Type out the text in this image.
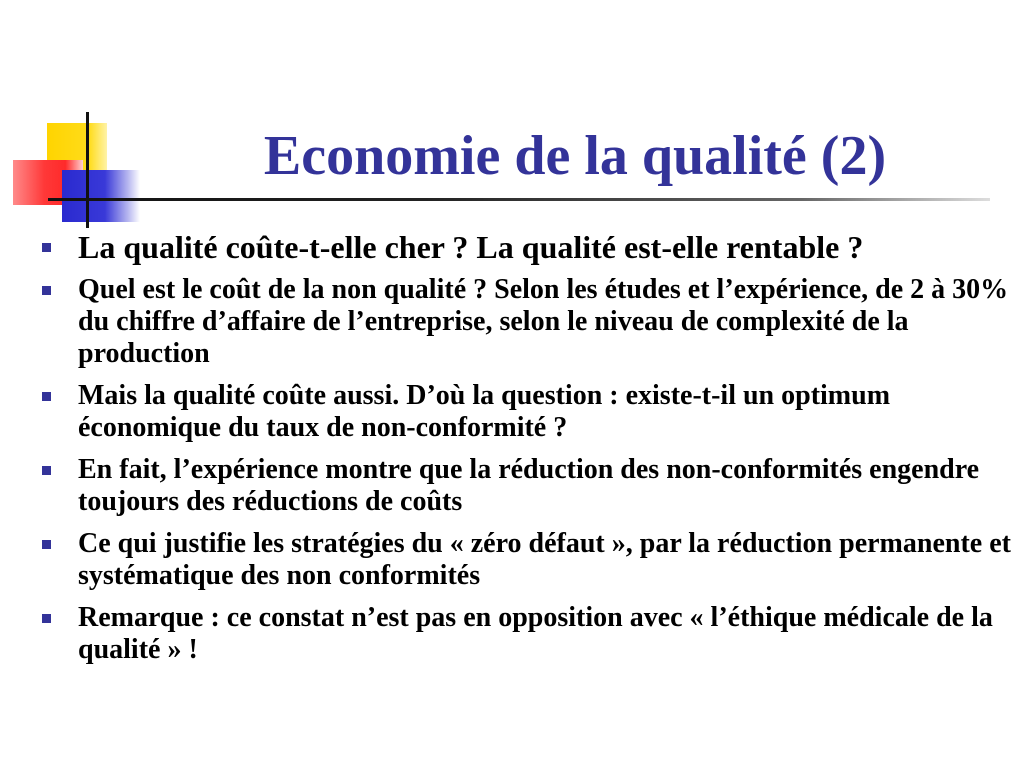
Economie de la qualité (2)
La qualité coûte-t-elle cher ? La qualité est-elle rentable ?
Quel est le coût de la non qualité ? Selon les études et l’expérience, de 2 à 30% du chiffre d’affaire de l’entreprise, selon le niveau de complexité de la production
Mais la qualité coûte aussi. D’où la question : existe-t-il un optimum économique du taux de non-conformité ?
En fait, l’expérience montre que la réduction des non-conformités engendre toujours des réductions de coûts
Ce qui justifie les stratégies du « zéro défaut », par la réduction permanente et systématique des non conformités
Remarque : ce constat n’est pas en opposition avec « l’éthique médicale de la qualité » !
